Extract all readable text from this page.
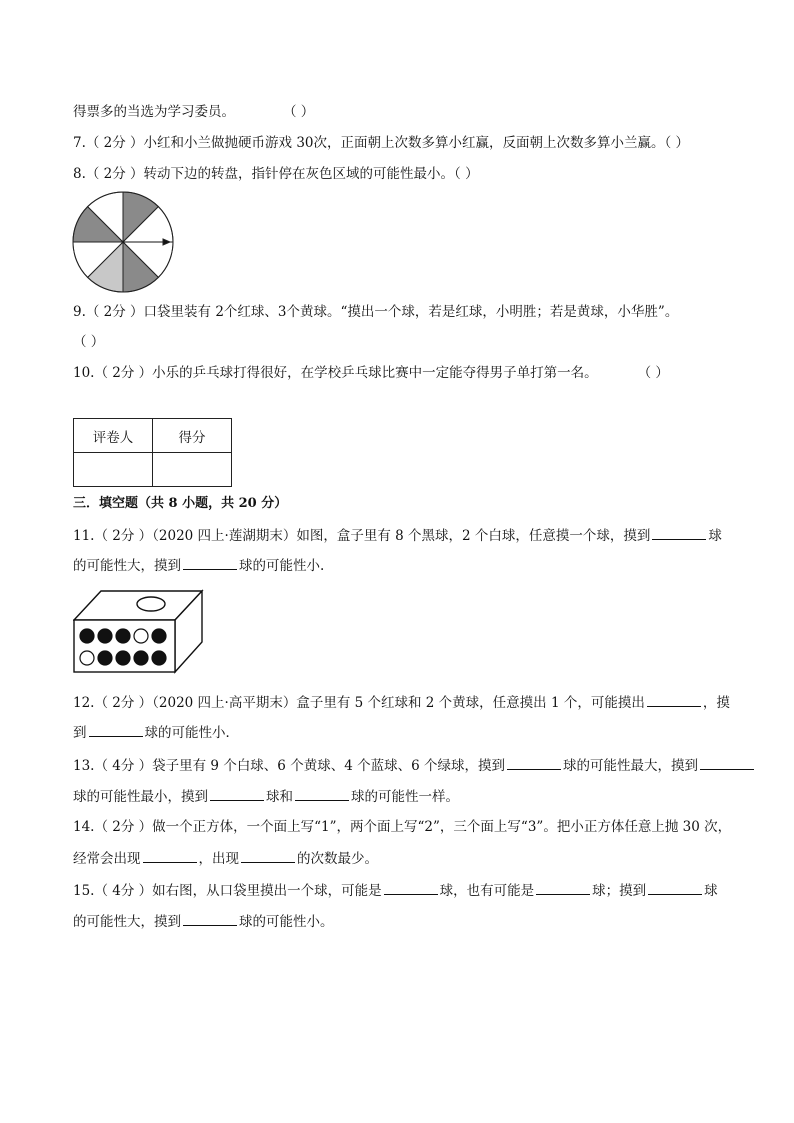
得票多的当选为学习委员。	（ ）
7.（ 2分 ）小红和小兰做抛硬币游戏 30次，正面朝上次数多算小红赢，反面朝上次数多算小兰赢。（ ）
8.（ 2分 ）转动下边的转盘，指针停在灰色区域的可能性最小。（ ）
9.（ 2分 ）口袋里装有 2个红球、3个黄球。“摸出一个球，若是红球，小明胜；若是黄球，小华胜”。
（ ）
10.（ 2分 ）小乐的乒乓球打得很好，在学校乒乓球比赛中一定能夺得男子单打第一名。	（ ）
评卷人	得分

三．填空题（共 8 小题，共 20 分）
11.（ 2分 ）（2020 四上·莲湖期末）如图，盒子里有 8 个黑球，2 个白球，任意摸一个球，摸到	球
的可能性大，摸到	球的可能性小.
12.（ 2分 ）（2020 四上·高平期末）盒子里有 5 个红球和 2 个黄球，任意摸出 1 个，可能摸出	，摸
到	球的可能性小．
13.（ 4分 ）袋子里有 9 个白球、6 个黄球、4 个蓝球、6 个绿球，摸到	球的可能性最大，摸到
球的可能性最小，摸到	球和	球的可能性一样。
14.（ 2分 ）做一个正方体，一个面上写“1”，两个面上写“2”，三个面上写“3”。把小正方体任意上抛 30 次，
经常会出现	，出现	的次数最少。
15.（ 4分 ）如右图，从口袋里摸出一个球，可能是	球，也有可能是	球；摸到	球
的可能性大，摸到	球的可能性小。
